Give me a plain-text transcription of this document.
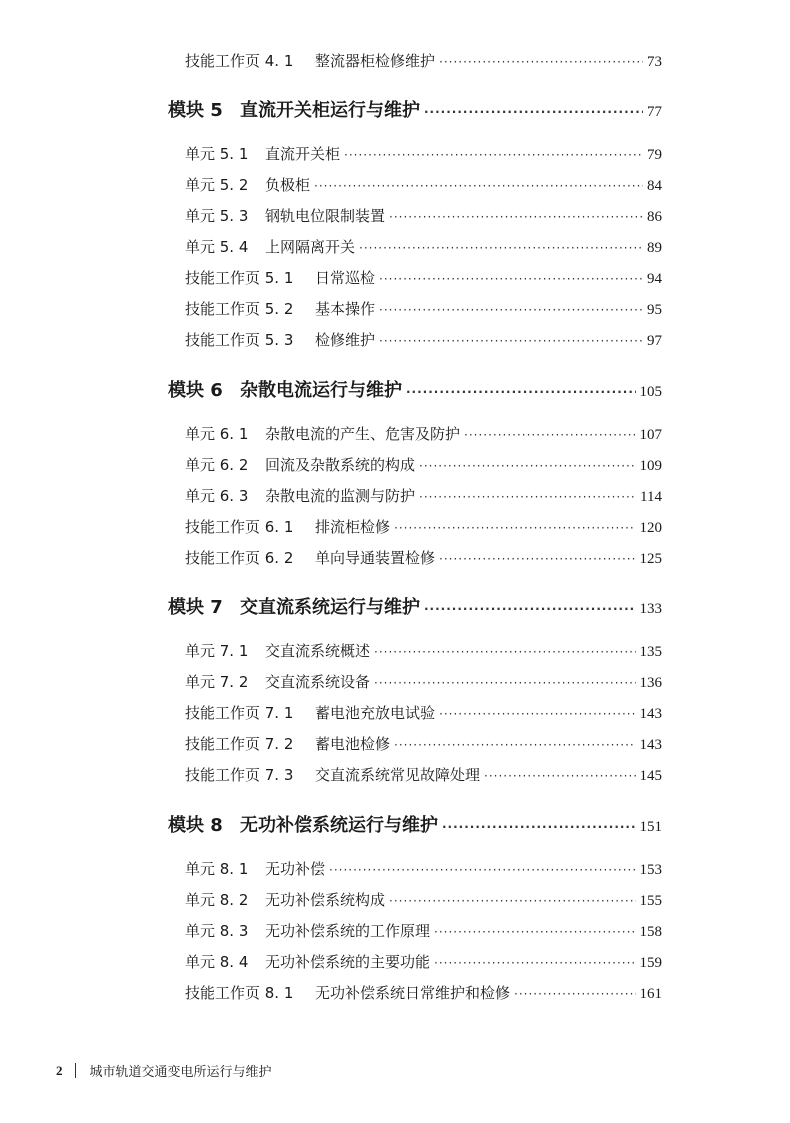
技能工作页 4. 1	整流器柜检修维护 ·····	73
模块 5 直流开关柜运行与维护 ·····	77
单元 5. 1	直流开关柜 ·····	79
单元 5. 2	负极柜 ·····	84
单元 5. 3	钢轨电位限制装置 ·····	86
单元 5. 4	上网隔离开关 ·····	89
技能工作页 5. 1	日常巡检 ·····	94
技能工作页 5. 2	基本操作 ·····	95
技能工作页 5. 3	检修维护 ·····	97
模块 6 杂散电流运行与维护 ·····	105
单元 6. 1	杂散电流的产生、危害及防护 ·····	107
单元 6. 2	回流及杂散系统的构成 ·····	109
单元 6. 3	杂散电流的监测与防护 ·····	114
技能工作页 6. 1	排流柜检修 ·····	120
技能工作页 6. 2	单向导通装置检修 ·····	125
模块 7 交直流系统运行与维护 ·····	133
单元 7. 1	交直流系统概述 ·····	135
单元 7. 2	交直流系统设备 ·····	136
技能工作页 7. 1	蓄电池充放电试验 ·····	143
技能工作页 7. 2	蓄电池检修 ·····	143
技能工作页 7. 3	交直流系统常见故障处理 ·····	145
模块 8 无功补偿系统运行与维护 ·····	151
单元 8. 1	无功补偿 ·····	153
单元 8. 2	无功补偿系统构成 ·····	155
单元 8. 3	无功补偿系统的工作原理 ·····	158
单元 8. 4	无功补偿系统的主要功能 ·····	159
技能工作页 8. 1	无功补偿系统日常维护和检修 ·····	161
2 城市轨道交通变电所运行与维护
